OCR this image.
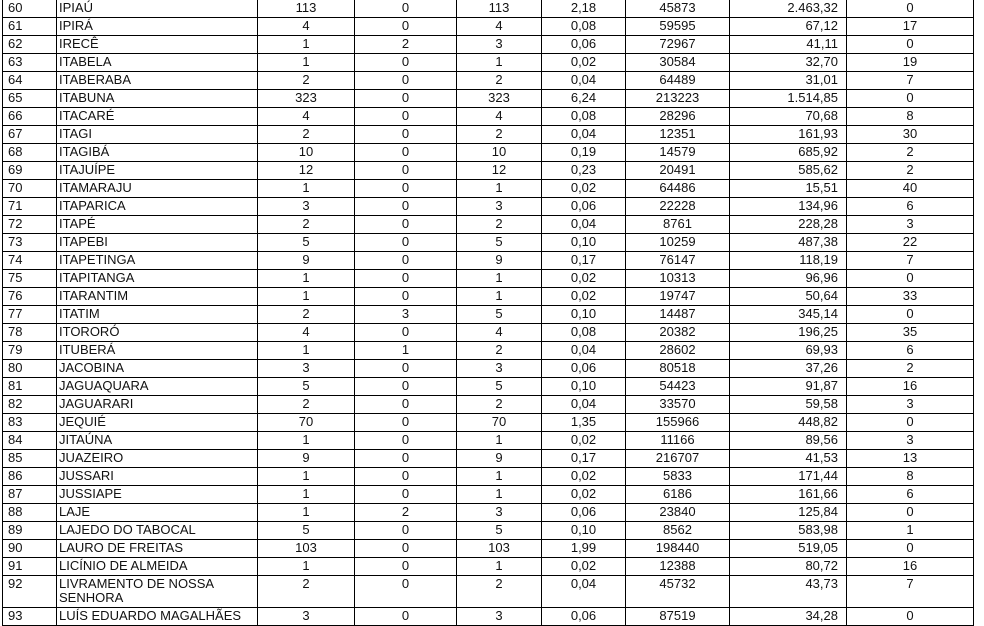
60	IPIAÚ	113	0	113	2,18	45873	2.463,32	0
61	IPIRÁ	4	0	4	0,08	59595	67,12	17
62	IRECÊ	1	2	3	0,06	72967	41,11	0
63	ITABELA	1	0	1	0,02	30584	32,70	19
64	ITABERABA	2	0	2	0,04	64489	31,01	7
65	ITABUNA	323	0	323	6,24	213223	1.514,85	0
66	ITACARÉ	4	0	4	0,08	28296	70,68	8
67	ITAGI	2	0	2	0,04	12351	161,93	30
68	ITAGIBÁ	10	0	10	0,19	14579	685,92	2
69	ITAJUÍPE	12	0	12	0,23	20491	585,62	2
70	ITAMARAJU	1	0	1	0,02	64486	15,51	40
71	ITAPARICA	3	0	3	0,06	22228	134,96	6
72	ITAPÉ	2	0	2	0,04	8761	228,28	3
73	ITAPEBI	5	0	5	0,10	10259	487,38	22
74	ITAPETINGA	9	0	9	0,17	76147	118,19	7
75	ITAPITANGA	1	0	1	0,02	10313	96,96	0
76	ITARANTIM	1	0	1	0,02	19747	50,64	33
77	ITATIM	2	3	5	0,10	14487	345,14	0
78	ITORORÓ	4	0	4	0,08	20382	196,25	35
79	ITUBERÁ	1	1	2	0,04	28602	69,93	6
80	JACOBINA	3	0	3	0,06	80518	37,26	2
81	JAGUAQUARA	5	0	5	0,10	54423	91,87	16
82	JAGUARARI	2	0	2	0,04	33570	59,58	3
83	JEQUIÉ	70	0	70	1,35	155966	448,82	0
84	JITAÚNA	1	0	1	0,02	11166	89,56	3
85	JUAZEIRO	9	0	9	0,17	216707	41,53	13
86	JUSSARI	1	0	1	0,02	5833	171,44	8
87	JUSSIAPE	1	0	1	0,02	6186	161,66	6
88	LAJE	1	2	3	0,06	23840	125,84	0
89	LAJEDO DO TABOCAL	5	0	5	0,10	8562	583,98	1
90	LAURO DE FREITAS	103	0	103	1,99	198440	519,05	0
91	LICÍNIO DE ALMEIDA	1	0	1	0,02	12388	80,72	16
92	LIVRAMENTO DE NOSSA SENHORA	2	0	2	0,04	45732	43,73	7
93	LUÍS EDUARDO MAGALHÃES	3	0	3	0,06	87519	34,28	0
